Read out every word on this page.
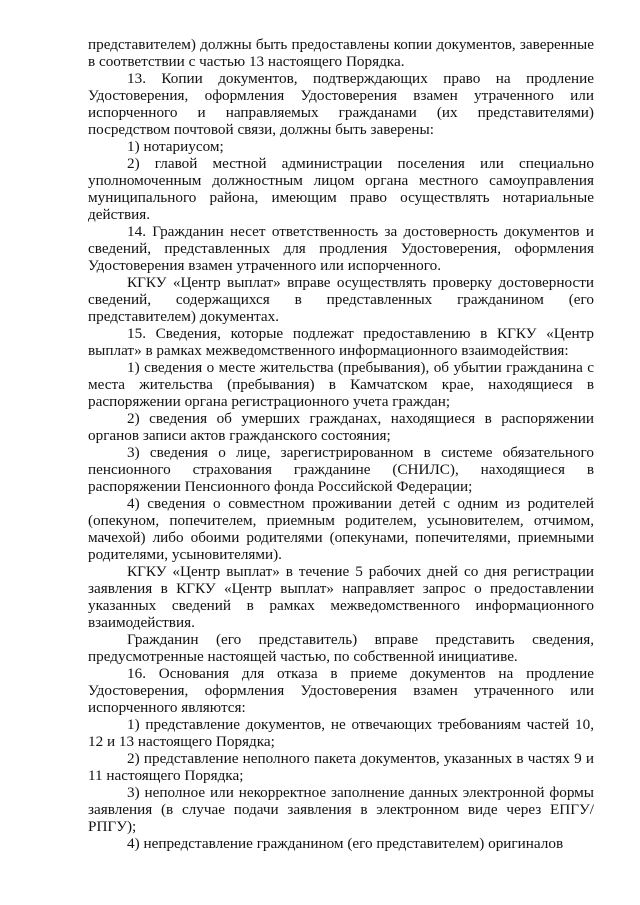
представителем) должны быть предоставлены копии документов, заверенные в соответствии с частью 13 настоящего Порядка.

13. Копии документов, подтверждающих право на продление Удостоверения, оформления Удостоверения взамен утраченного или испорченного и направляемых гражданами (их представителями) посредством почтовой связи, должны быть заверены:

1) нотариусом;

2) главой местной администрации поселения или специально уполномоченным должностным лицом органа местного самоуправления муниципального района, имеющим право осуществлять нотариальные действия.

14. Гражданин несет ответственность за достоверность документов и сведений, представленных для продления Удостоверения, оформления Удостоверения взамен утраченного или испорченного.

КГКУ «Центр выплат» вправе осуществлять проверку достоверности сведений, содержащихся в представленных гражданином (его представителем) документах.

15. Сведения, которые подлежат предоставлению в КГКУ «Центр выплат» в рамках межведомственного информационного взаимодействия:

1) сведения о месте жительства (пребывания), об убытии гражданина с места жительства (пребывания) в Камчатском крае, находящиеся в распоряжении органа регистрационного учета граждан;

2) сведения об умерших гражданах, находящиеся в распоряжении органов записи актов гражданского состояния;

3) сведения о лице, зарегистрированном в системе обязательного пенсионного страхования гражданине (СНИЛС), находящиеся в распоряжении Пенсионного фонда Российской Федерации;

4) сведения о совместном проживании детей с одним из родителей (опекуном, попечителем, приемным родителем, усыновителем, отчимом, мачехой) либо обоими родителями (опекунами, попечителями, приемными родителями, усыновителями).

КГКУ «Центр выплат» в течение 5 рабочих дней со дня регистрации заявления в КГКУ «Центр выплат» направляет запрос о предоставлении указанных сведений в рамках межведомственного информационного взаимодействия.

Гражданин (его представитель) вправе представить сведения, предусмотренные настоящей частью, по собственной инициативе.

16. Основания для отказа в приеме документов на продление Удостоверения, оформления Удостоверения взамен утраченного или испорченного являются:

1) представление документов, не отвечающих требованиям частей 10, 12 и 13 настоящего Порядка;

2) представление неполного пакета документов, указанных в частях 9 и 11 настоящего Порядка;

3) неполное или некорректное заполнение данных электронной формы заявления (в случае подачи заявления в электронном виде через ЕПГУ/РПГУ);

4) непредставление гражданином (его представителем) оригиналов
